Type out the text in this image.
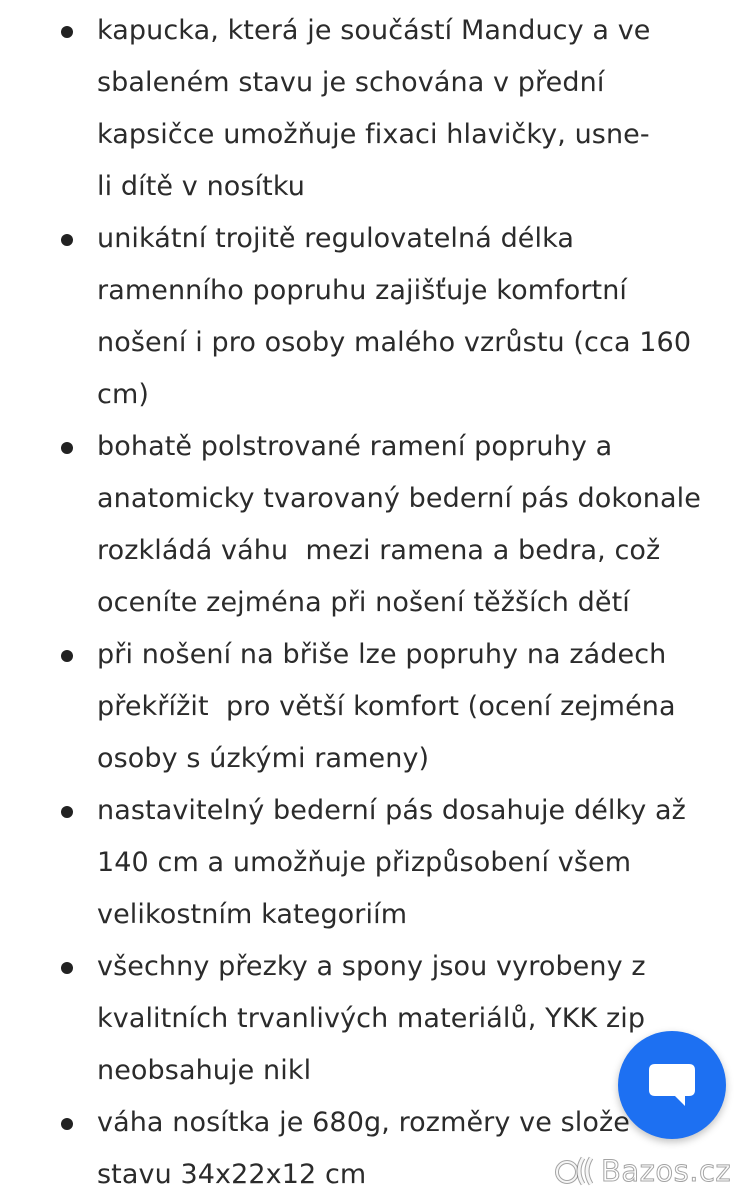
kapucka, která je součástí Manducy a ve
sbaleném stavu je schována v přední
kapsičce umožňuje fixaci hlavičky, usne-
li dítě v nosítku
unikátní trojitě regulovatelná délka
ramenního popruhu zajišťuje komfortní
nošení i pro osoby malého vzrůstu (cca 160
cm)
bohatě polstrované ramení popruhy a
anatomicky tvarovaný bederní pás dokonale
rozkládá váhu  mezi ramena a bedra, což
oceníte zejména při nošení těžších dětí
při nošení na břiše lze popruhy na zádech
překřížit  pro větší komfort (ocení zejména
osoby s úzkými rameny)
nastavitelný bederní pás dosahuje délky až
140 cm a umožňuje přizpůsobení všem
velikostním kategoriím
všechny přezky a spony jsou vyrobeny z
kvalitních trvanlivých materiálů, YKK zip
neobsahuje nikl
váha nosítka je 680g, rozměry ve slože
stavu 34x22x12 cm	Bazos.cz
